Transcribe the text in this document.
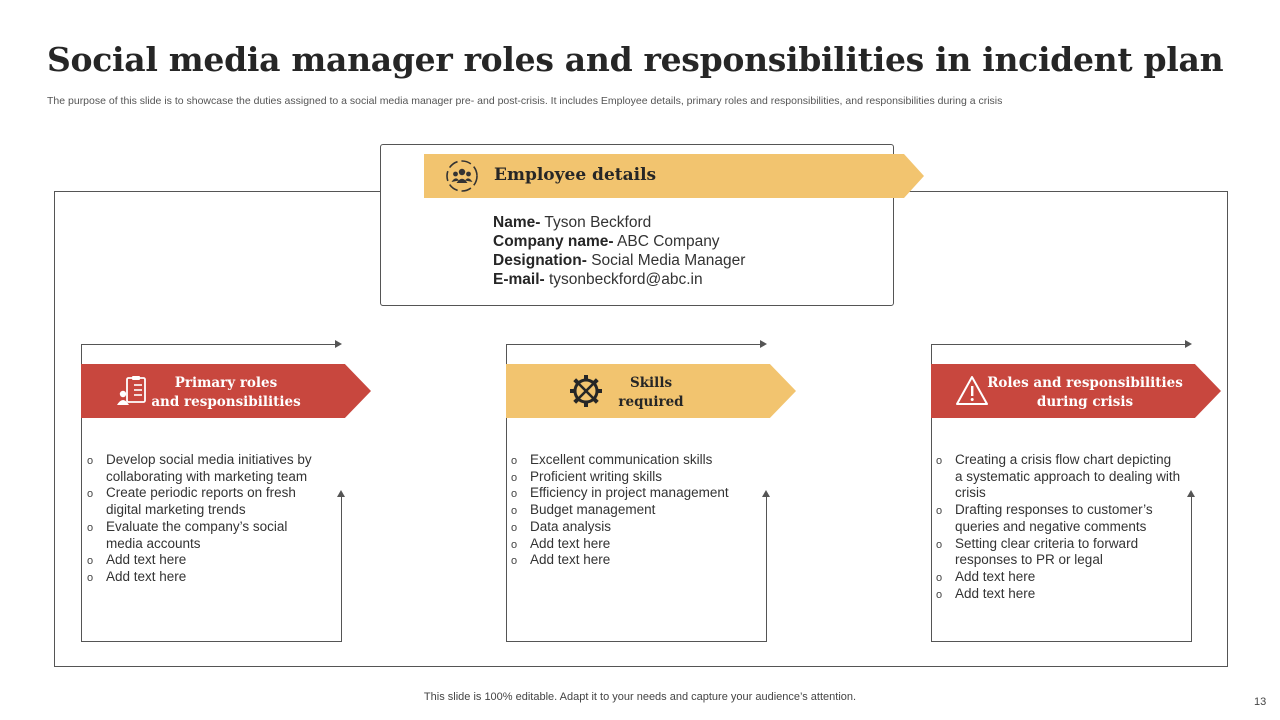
Social media manager roles and responsibilities in incident plan

The purpose of this slide is to showcase the duties assigned to a social media manager pre- and post-crisis. It includes Employee details, primary roles and responsibilities, and responsibilities during a crisis

Employee details
Name- Tyson Beckford
Company name- ABC Company
Designation- Social Media Manager
E-mail- tysonbeckford@abc.in
Primary roles
and responsibilities
o Develop social media initiatives by collaborating with marketing team
o Create periodic reports on fresh digital marketing trends
o Evaluate the company’s social media accounts
o Add text here
o Add text here
Skills
required
o Excellent communication skills
o Proficient writing skills
o Efficiency in project management
o Budget management
o Data analysis
o Add text here
o Add text here
Roles and responsibilities
during crisis
o Creating a crisis flow chart depicting a systematic approach to dealing with crisis
o Drafting responses to customer’s queries and negative comments
o Setting clear criteria to forward responses to PR or legal
o Add text here
o Add text here
This slide is 100% editable. Adapt it to your needs and capture your audience’s attention.	13
